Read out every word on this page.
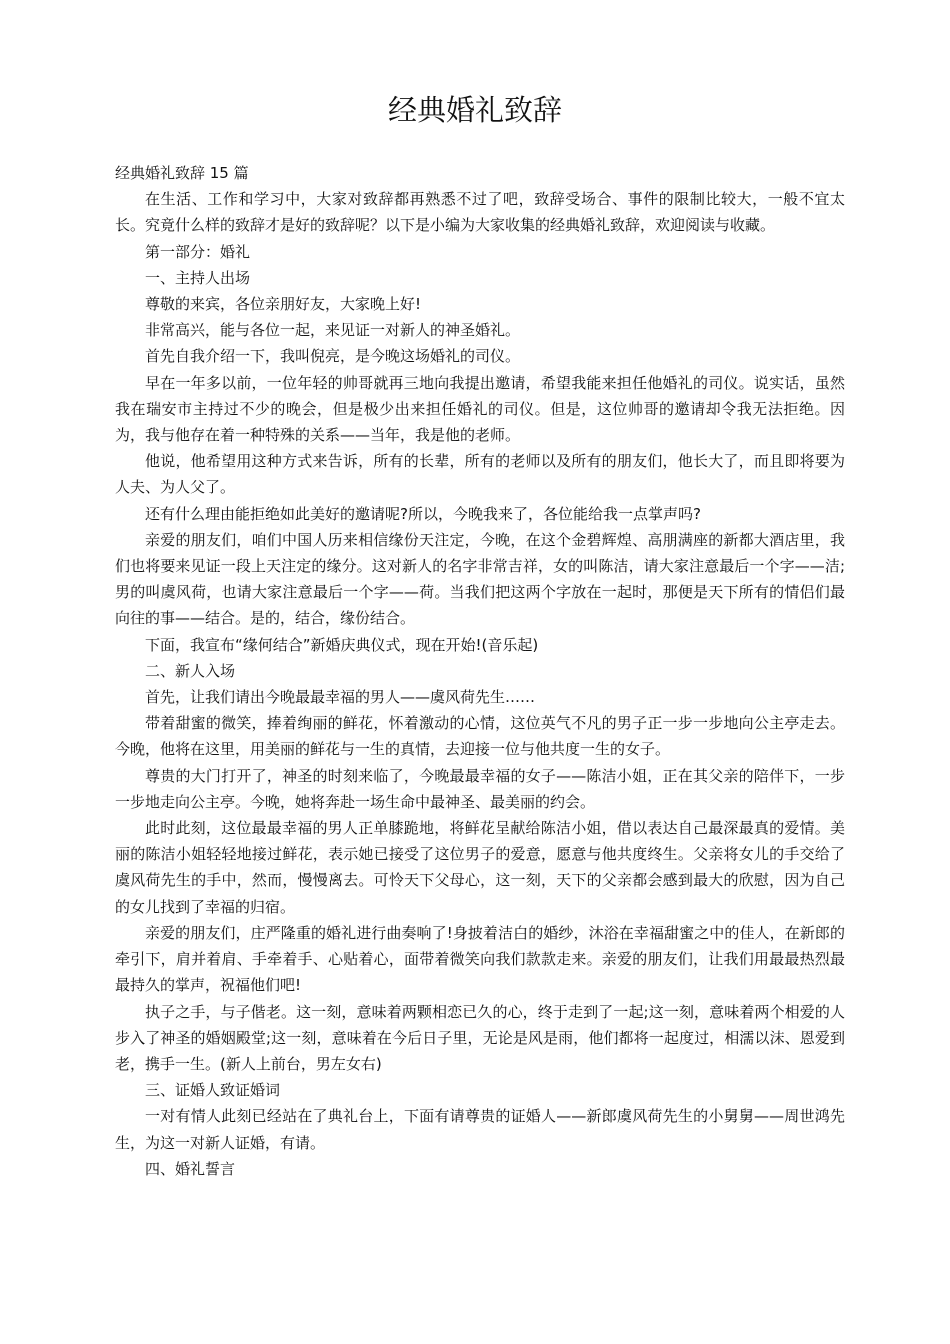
经典婚礼致辞

经典婚礼致辞 15 篇

在生活、工作和学习中，大家对致辞都再熟悉不过了吧，致辞受场合、事件的限制比较大，一般不宜太长。究竟什么样的致辞才是好的致辞呢？以下是小编为大家收集的经典婚礼致辞，欢迎阅读与收藏。

第一部分：婚礼

一、主持人出场

尊敬的来宾，各位亲朋好友，大家晚上好!

非常高兴，能与各位一起，来见证一对新人的神圣婚礼。

首先自我介绍一下，我叫倪亮，是今晚这场婚礼的司仪。

早在一年多以前，一位年轻的帅哥就再三地向我提出邀请，希望我能来担任他婚礼的司仪。说实话，虽然我在瑞安市主持过不少的晚会，但是极少出来担任婚礼的司仪。但是，这位帅哥的邀请却令我无法拒绝。因为，我与他存在着一种特殊的关系——当年，我是他的老师。

他说，他希望用这种方式来告诉，所有的长辈，所有的老师以及所有的朋友们，他长大了，而且即将要为人夫、为人父了。

还有什么理由能拒绝如此美好的邀请呢?所以，今晚我来了，各位能给我一点掌声吗?

亲爱的朋友们，咱们中国人历来相信缘份天注定，今晚，在这个金碧辉煌、高朋满座的新都大酒店里，我们也将要来见证一段上天注定的缘分。这对新人的名字非常吉祥，女的叫陈洁，请大家注意最后一个字——洁;男的叫虞风荷，也请大家注意最后一个字——荷。当我们把这两个字放在一起时，那便是天下所有的情侣们最向往的事——结合。是的，结合，缘份结合。

下面，我宣布“缘何结合”新婚庆典仪式，现在开始!(音乐起)

二、新人入场

首先，让我们请出今晚最最幸福的男人——虞风荷先生……

带着甜蜜的微笑，捧着绚丽的鲜花，怀着激动的心情，这位英气不凡的男子正一步一步地向公主亭走去。今晚，他将在这里，用美丽的鲜花与一生的真情，去迎接一位与他共度一生的女子。

尊贵的大门打开了，神圣的时刻来临了，今晚最最幸福的女子——陈洁小姐，正在其父亲的陪伴下，一步一步地走向公主亭。今晚，她将奔赴一场生命中最神圣、最美丽的约会。

此时此刻，这位最最幸福的男人正单膝跪地，将鲜花呈献给陈洁小姐，借以表达自己最深最真的爱情。美丽的陈洁小姐轻轻地接过鲜花，表示她已接受了这位男子的爱意，愿意与他共度终生。父亲将女儿的手交给了虞风荷先生的手中，然而，慢慢离去。可怜天下父母心，这一刻，天下的父亲都会感到最大的欣慰，因为自己的女儿找到了幸福的归宿。

亲爱的朋友们，庄严隆重的婚礼进行曲奏响了!身披着洁白的婚纱，沐浴在幸福甜蜜之中的佳人，在新郎的牵引下，肩并着肩、手牵着手、心贴着心，面带着微笑向我们款款走来。亲爱的朋友们，让我们用最最热烈最最持久的掌声，祝福他们吧!

执子之手，与子偕老。这一刻，意味着两颗相恋已久的心，终于走到了一起;这一刻，意味着两个相爱的人步入了神圣的婚姻殿堂;这一刻，意味着在今后日子里，无论是风是雨，他们都将一起度过，相濡以沫、恩爱到老，携手一生。(新人上前台，男左女右)

三、证婚人致证婚词

一对有情人此刻已经站在了典礼台上，下面有请尊贵的证婚人——新郎虞风荷先生的小舅舅——周世鸿先生，为这一对新人证婚，有请。

四、婚礼誓言
